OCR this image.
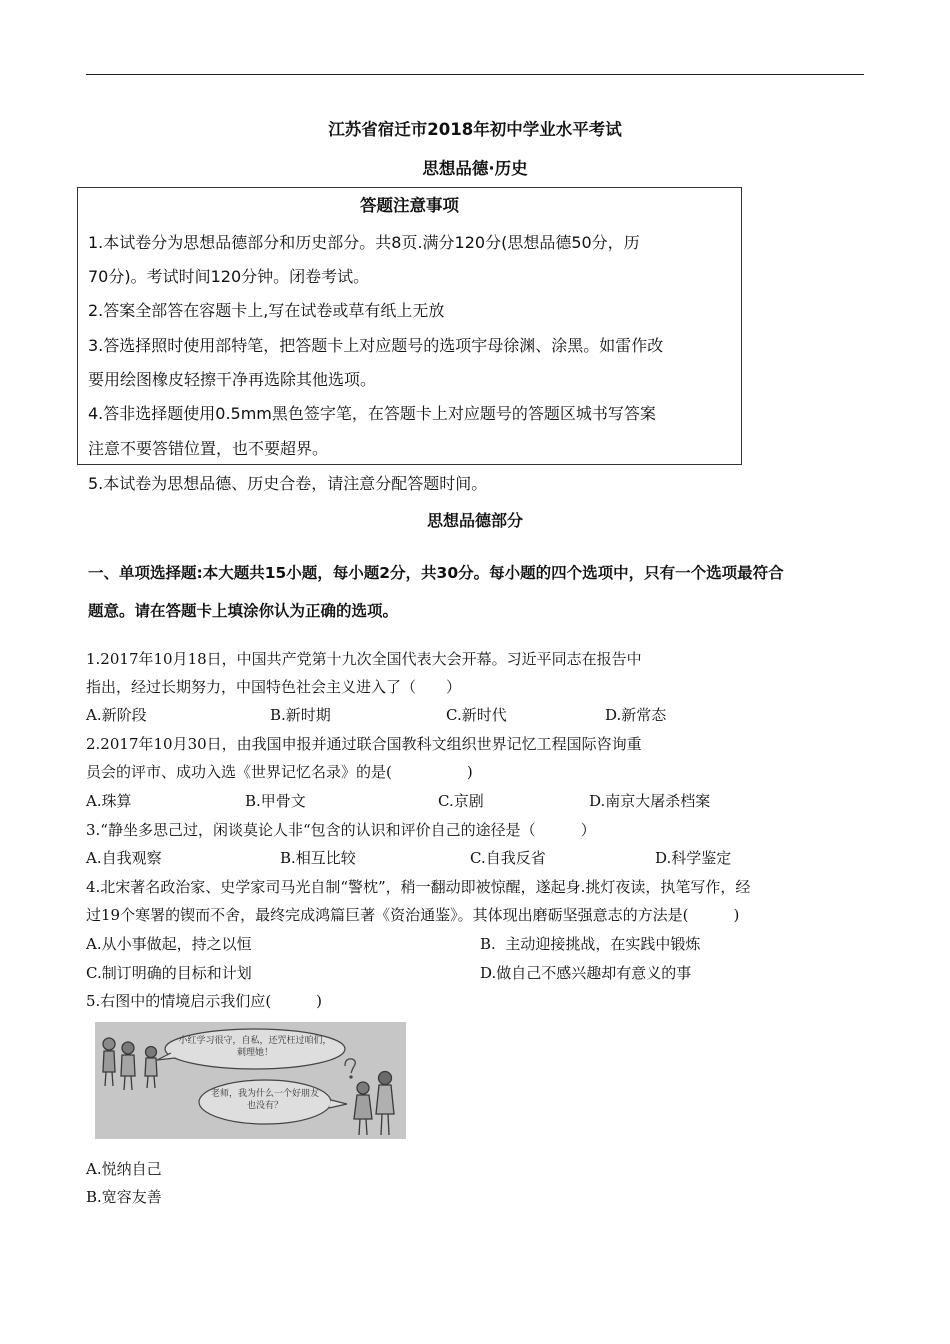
江苏省宿迁市2018年初中学业水平考试
思想品德·历史
答题注意事项
1.本试卷分为思想品德部分和历史部分。共8页.满分120分(思想品德50分，历
70分)。考试时间120分钟。闭卷考试。
2.答案全部答在容题卡上,写在试卷或草有纸上无放
3.答选择照时使用部特笔，把答题卡上对应题号的选项宇母徐渊、涂黑。如雷作改
要用绘图橡皮轻擦干净再选除其他选项。
4.答非选择题使用0.5mm黑色签字笔，在答题卡上对应题号的答题区城书写答案
注意不要答错位置，也不要超界。
5.本试卷为思想品德、历史合卷，请注意分配答题时间。
思想品德部分
一、单项选择题:本大题共15小题，每小题2分，共30分。每小题的四个选项中，只有一个选项最符合
题意。请在答题卡上填涂你认为正确的选项。
1.2017年10月18日，中国共产党第十九次全国代表大会开幕。习近平同志在报告中
指出，经过长期努力，中国特色社会主义进入了（　　）
A.新阶段	B.新时期	C.新时代	D.新常态
2.2017年10月30日，由我国申报并通过联合国教科文组织世界记忆工程国际咨询重
员会的评市、成功入选《世界记忆名录》的是(　　　　　)
A.珠算	B.甲骨文	C.京剧	D.南京大屠杀档案
3.“静坐多思己过，闲谈莫论人非“包含的认识和评价自己的途径是（　　　）
A.自我观察	B.相互比较	C.自我反省	D.科学鉴定
4.北宋著名政治家、史学家司马光自制“警枕”，稍一翻动即被惊醒，遂起身.挑灯夜读，执笔写作，经
过19个寒署的锲而不舍，最终完成鸿篇巨著《资治通鉴》。其体现出磨砺坚强意志的方法是(　　　)
A.从小事做起，持之以恒	B.  主动迎接挑战，在实践中锻炼
C.制订明确的目标和计划	D.做自己不感兴趣却有意义的事
5.右图中的情境启示我们应(　　　)
小红学习很守，自私，还咒枉过咱们，刺理她！
老师，我为什么一个好朋友也没有？
A.悦纳自己
B.宽容友善
